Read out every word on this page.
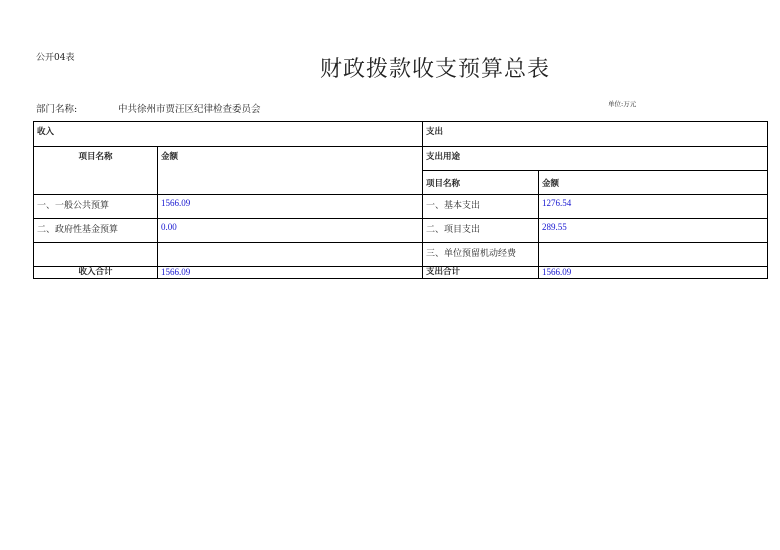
公开04表	财政拨款收支预算总表
部门名称:	中共徐州市贾汪区纪律检查委员会	单位:万元
收入		支出	
项目名称	金额	支出用途	
		项目名称	金额
一、一般公共预算	1566.09	一、基本支出	1276.54
二、政府性基金预算	0.00	二、项目支出	289.55
		三、单位预留机动经费	
收入合计	1566.09	支出合计	1566.09
